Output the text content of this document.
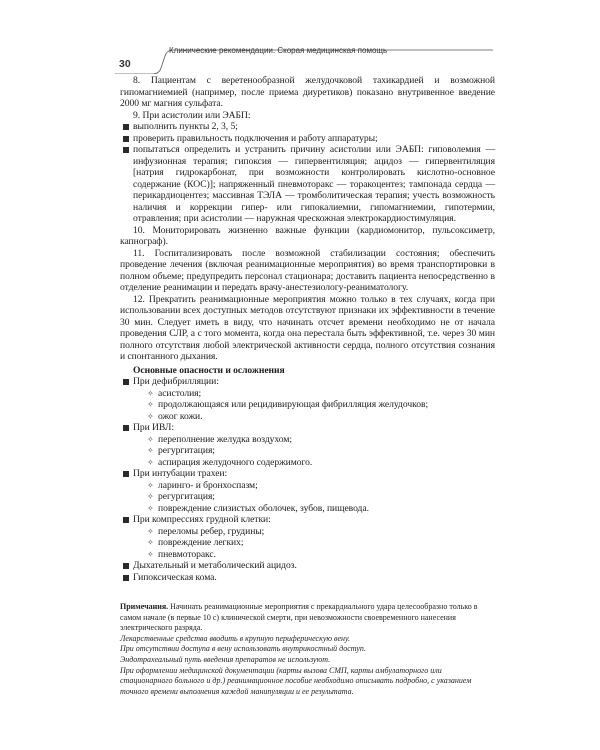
30
Клинические рекомендации. Скорая медицинская помощь

8. Пациентам с веретенообразной желудочковой тахикардией и возможной гипомагниемией (например, после приема диуретиков) показано внутривенное введение 2000 мг магния сульфата.

9. При асистолии или ЭАБП:

выполнить пункты 2, 3, 5;
проверить правильность подключения и работу аппаратуры;
попытаться определить и устранить причину асистолии или ЭАБП: гиповолемия — инфузионная терапия; гипоксия — гипервентиляция; ацидоз — гипервентиляция [натрия гидрокарбонат, при возможности контролировать кислотно-основное содержание (КОС)]; напряженный пневмоторакс — торакоцентез; тампонада сердца — перикардиоцентез; массивная ТЭЛА — тромболитическая терапия; учесть возможность наличия и коррекции гипер- или гипокалиемии, гипомагниемии, гипотермии, отравления; при асистолии — наружная чрескожная электрокардиостимуляция.

10. Мониторировать жизненно важные функции (кардиомонитор, пульсоксиметр, капнограф).

11. Госпитализировать после возможной стабилизации состояния; обеспечить проведение лечения (включая реанимационные мероприятия) во время транспортировки в полном объеме; предупредить персонал стационара; доставить пациента непосредственно в отделение реанимации и передать врачу-анестезиологу-реаниматологу.

12. Прекратить реанимационные мероприятия можно только в тех случаях, когда при использовании всех доступных методов отсутствуют признаки их эффективности в течение 30 мин. Следует иметь в виду, что начинать отсчет времени необходимо не от начала проведения СЛР, а с того момента, когда она перестала быть эффективной, т.е. через 30 мин полного отсутствия любой электрической активности сердца, полного отсутствия сознания и спонтанного дыхания.

Основные опасности и осложнения
При дефибрилляции:
✧ асистолия;
✧ продолжающаяся или рецидивирующая фибрилляция желудочков;
✧ ожог кожи.
При ИВЛ:
✧ переполнение желудка воздухом;
✧ регургитация;
✧ аспирация желудочного содержимого.
При интубации трахеи:
✧ ларинго- и бронхоспазм;
✧ регургитация;
✧ повреждение слизистых оболочек, зубов, пищевода.
При компрессиях грудной клетки:
✧ переломы ребер, грудины;
✧ повреждение легких;
✧ пневмоторакс.
Дыхательный и метаболический ацидоз.
Гипоксическая кома.

Примечания. Начинать реанимационные мероприятия с прекардиального удара целесообразно только в самом начале (в первые 10 с) клинической смерти, при невозможности своевременного нанесения электрического разряда.

Лекарственные средства вводить в крупную периферическую вену.

При отсутствии доступа в вену использовать внутрикостный доступ.

Эндотрахеальный путь введения препаратов не используют.

При оформлении медицинской документации (карты вызова СМП, карты амбулаторного или стационарного больного и др.) реанимационное пособие необходимо описывать подробно, с указанием точного времени выполнения каждой манипуляции и ее результата.
